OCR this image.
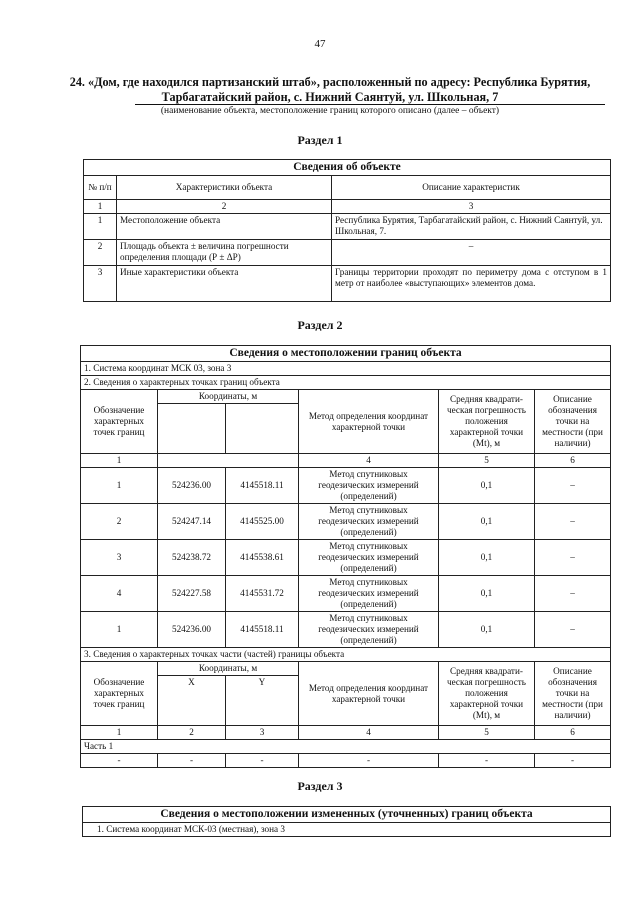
47
24. «Дом, где находился партизанский штаб», расположенный по адресу: Республика Бурятия, Тарбагатайский район, с. Нижний Саянтуй, ул. Школьная, 7
(наименование объекта, местоположение границ которого описано (далее – объект)
Раздел 1
Сведения об объекте		
№ п/п	Характеристики объекта	Описание характеристик
1	2	3
1	Местоположение объекта	Республика Бурятия, Тарбагатайский район, с. Нижний Саянтуй, ул. Школьная, 7.
2	Площадь объекта ± величина погрешности определения площади (Р ± ΔР)	–
3	Иные характеристики объекта	Границы территории проходят по периметру дома с отступом в 1 метр от наиболее «выступающих» элементов дома.
Раздел 2
Сведения о местоположении границ объекта					
1. Система координат МСК 03, зона 3					
2. Сведения о характерных точках границ объекта					
Обозначение характерных точек границ	Координаты, м		Метод определения координат характерной точки	Средняя квадрати-ческая погрешность положения характерной точки (Mt), м	Описание обозначения точки на местности (при наличии)

1			4	5	6
1	524236.00	4145518.11	Метод спутниковых геодезических измерений (определений)	0,1	–
2	524247.14	4145525.00	Метод спутниковых геодезических измерений (определений)	0,1	–
3	524238.72	4145538.61	Метод спутниковых геодезических измерений (определений)	0,1	–
4	524227.58	4145531.72	Метод спутниковых геодезических измерений (определений)	0,1	–
1	524236.00	4145518.11	Метод спутниковых геодезических измерений (определений)	0,1	–
3. Сведения о характерных точках части (частей) границы объекта					
Обозначение характерных точек границ	Координаты, м		Метод определения координат характерной точки	Средняя квадрати-ческая погрешность положения характерной точки (Mt), м	Описание обозначения точки на местности (при наличии)
	X	Y			
1	2	3	4	5	6
Часть 1					
-	-	-	-	-	-
Раздел 3
Сведения о местоположении измененных (уточненных) границ объекта
1. Система координат МСК-03 (местная), зона 3
